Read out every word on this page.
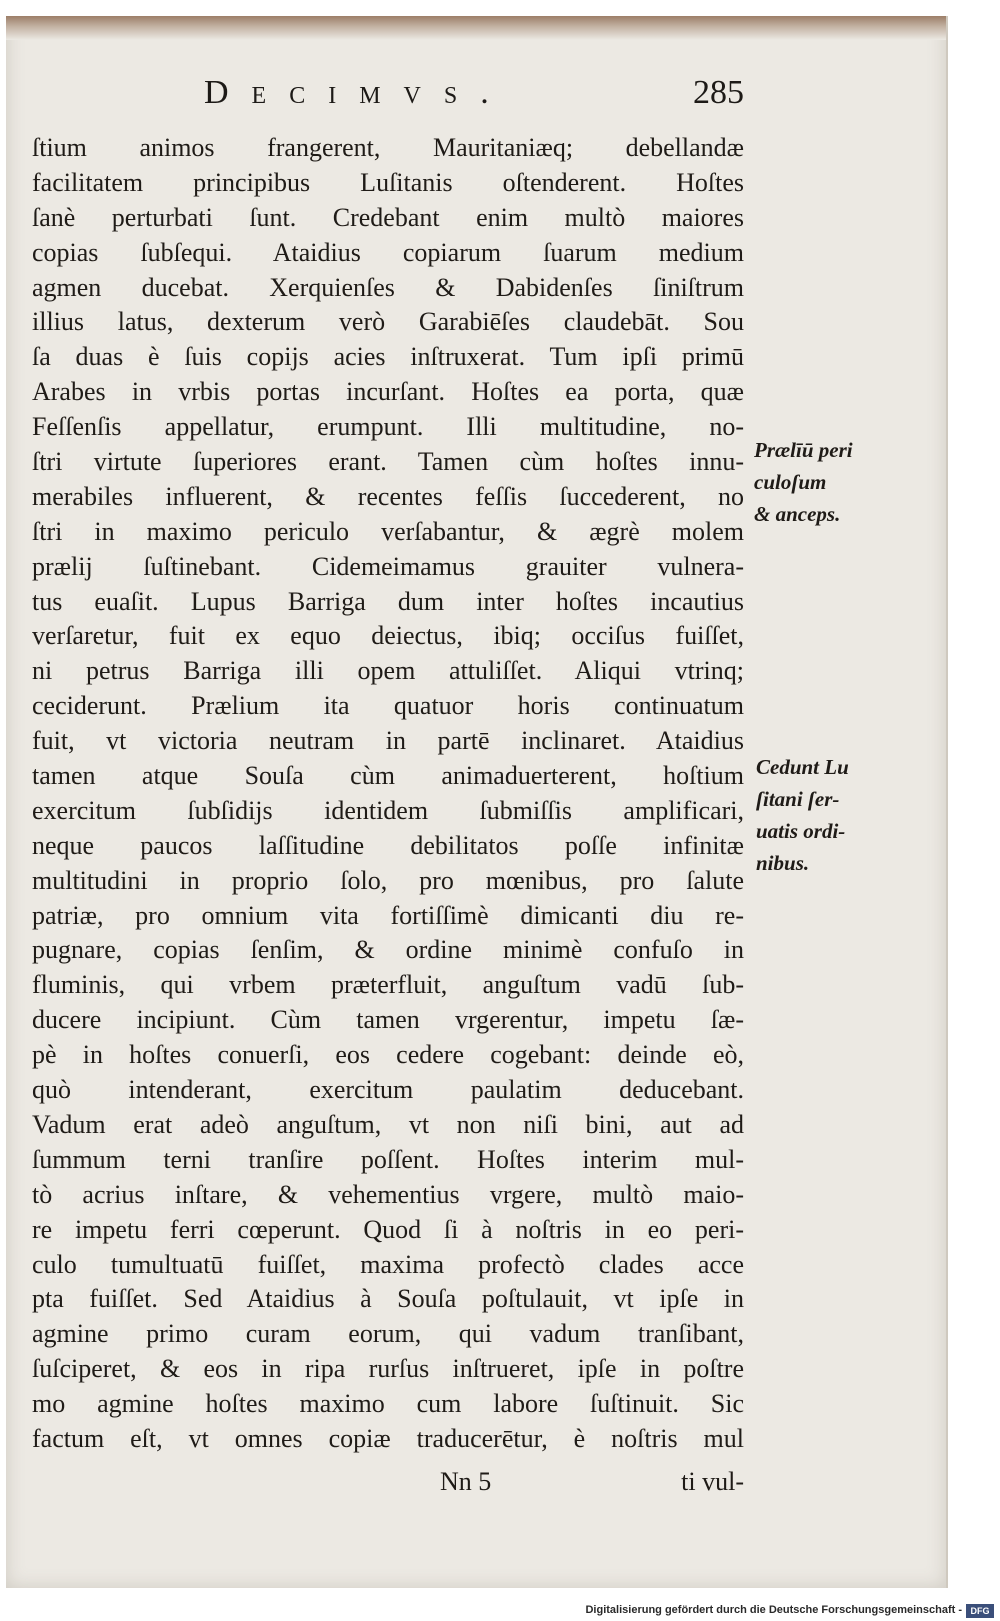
Decimvs.	285
ſtium animos frangerent, Mauritaniæq; debellandæ
facilitatem principibus Luſitanis oſtenderent. Hoſtes
ſanè perturbati ſunt. Credebant enim multò maiores
copias ſubſequi. Ataidius copiarum ſuarum medium
agmen ducebat. Xerquienſes & Dabidenſes ſiniſtrum
illius latus, dexterum verò Garabiēſes claudebāt. Sou
ſa duas è ſuis copijs acies inſtruxerat. Tum ipſi primū
Arabes in vrbis portas incurſant. Hoſtes ea porta, quæ
Feſſenſis appellatur, erumpunt. Illi multitudine, no-
ſtri virtute ſuperiores erant. Tamen cùm hoſtes innu-
merabiles influerent, & recentes feſſis ſuccederent, no
ſtri in maximo periculo verſabantur, & ægrè molem
prælij ſuſtinebant. Cidemeimamus grauiter vulnera-
tus euaſit. Lupus Barriga dum inter hoſtes incautius
verſaretur, fuit ex equo deiectus, ibiq; occiſus fuiſſet,
ni petrus Barriga illi opem attuliſſet. Aliqui vtrinq;
ceciderunt. Prælium ita quatuor horis continuatum
fuit, vt victoria neutram in partē inclinaret. Ataidius
tamen atque Souſa cùm animaduerterent, hoſtium
exercitum ſubſidijs identidem ſubmiſſis amplificari,
neque paucos laſſitudine debilitatos poſſe infinitæ
multitudini in proprio ſolo, pro mœnibus, pro ſalute
patriæ, pro omnium vita fortiſſimè dimicanti diu re-
pugnare, copias ſenſim, & ordine minimè confuſo in
fluminis, qui vrbem præterfluit, anguſtum vadū ſub-
ducere incipiunt. Cùm tamen vrgerentur, impetu ſæ-
pè in hoſtes conuerſi, eos cedere cogebant: deinde eò,
quò intenderant, exercitum paulatim deducebant.
Vadum erat adeò anguſtum, vt non niſi bini, aut ad
ſummum terni tranſire poſſent. Hoſtes interim mul-
tò acrius inſtare, & vehementius vrgere, multò maio-
re impetu ferri cœperunt. Quod ſi à noſtris in eo peri-
culo tumultuatū fuiſſet, maxima profectò clades acce
pta fuiſſet. Sed Ataidius à Souſa poſtulauit, vt ipſe in
agmine primo curam eorum, qui vadum tranſibant,
ſuſciperet, & eos in ripa rurſus inſtrueret, ipſe in poſtre
mo agmine hoſtes maximo cum labore ſuſtinuit. Sic
factum eſt, vt omnes copiæ traducerētur, è noſtris mul
Prælīū peri
culoſum
& anceps.
Cedunt Lu
ſitani ſer-
uatis ordi-
nibus.
Nn 5	ti vul-
Digitalisierung gefördert durch die Deutsche Forschungsgemeinschaft - DFG
